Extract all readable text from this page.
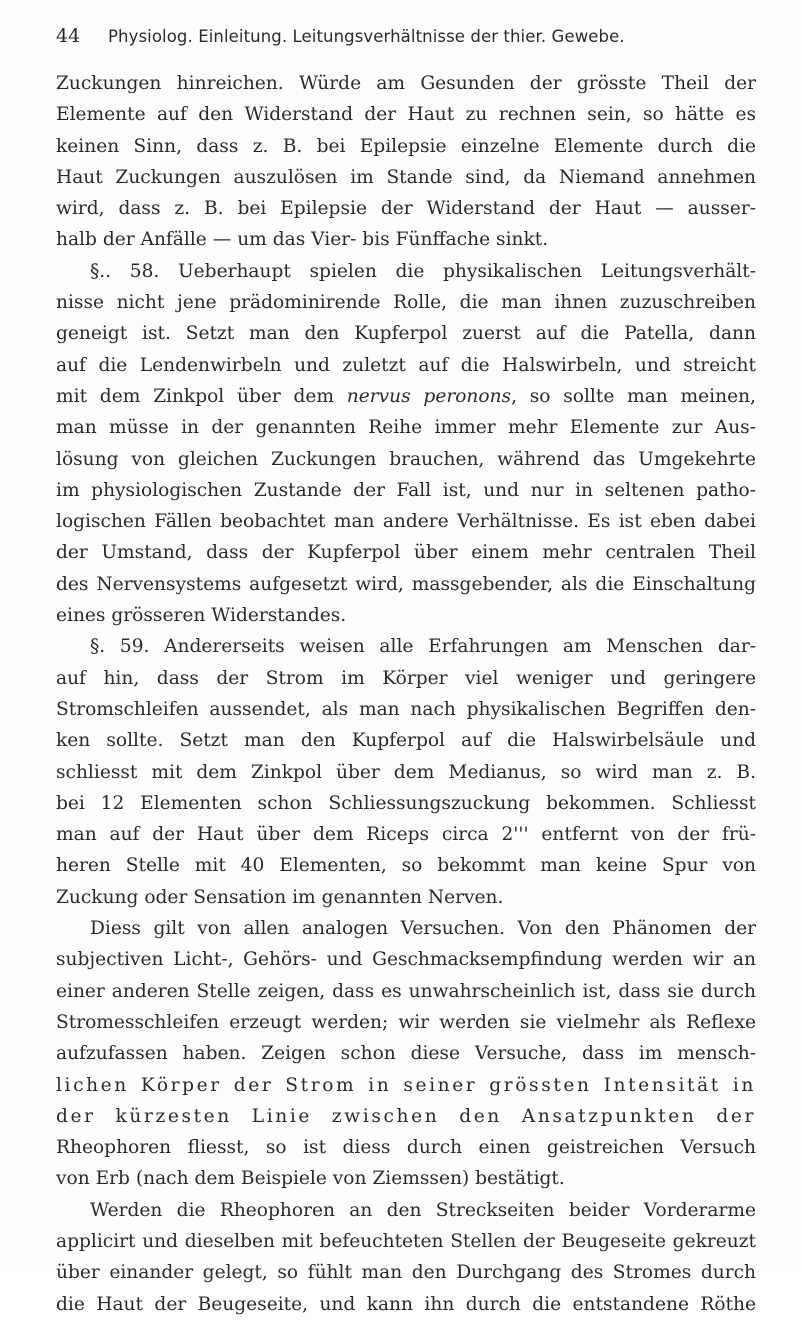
44 Physiolog. Einleitung. Leitungsverhältnisse der thier. Gewebe.
Zuckungen hinreichen. Würde am Gesunden der grösste Theil der
Elemente auf den Widerstand der Haut zu rechnen sein, so hätte es
keinen Sinn, dass z. B. bei Epilepsie einzelne Elemente durch die
Haut Zuckungen auszulösen im Stande sind, da Niemand annehmen
wird, dass z. B. bei Epilepsie der Widerstand der Haut — ausser-
halb der Anfälle — um das Vier- bis Fünffache sinkt.
§.. 58. Ueberhaupt spielen die physikalischen Leitungsverhält-
nisse nicht jene prädominirende Rolle, die man ihnen zuzuschreiben
geneigt ist. Setzt man den Kupferpol zuerst auf die Patella, dann
auf die Lendenwirbeln und zuletzt auf die Halswirbeln, und streicht
mit dem Zinkpol über dem nervus peronons, so sollte man meinen,
man müsse in der genannten Reihe immer mehr Elemente zur Aus-
lösung von gleichen Zuckungen brauchen, während das Umgekehrte
im physiologischen Zustande der Fall ist, und nur in seltenen patho-
logischen Fällen beobachtet man andere Verhältnisse. Es ist eben dabei
der Umstand, dass der Kupferpol über einem mehr centralen Theil
des Nervensystems aufgesetzt wird, massgebender, als die Einschaltung
eines grösseren Widerstandes.
§. 59. Andererseits weisen alle Erfahrungen am Menschen dar-
auf hin, dass der Strom im Körper viel weniger und geringere
Stromschleifen aussendet, als man nach physikalischen Begriffen den-
ken sollte. Setzt man den Kupferpol auf die Halswirbelsäule und
schliesst mit dem Zinkpol über dem Medianus, so wird man z. B.
bei 12 Elementen schon Schliessungszuckung bekommen. Schliesst
man auf der Haut über dem Riceps circa 2''' entfernt von der frü-
heren Stelle mit 40 Elementen, so bekommt man keine Spur von
Zuckung oder Sensation im genannten Nerven.
Diess gilt von allen analogen Versuchen. Von den Phänomen der
subjectiven Licht-, Gehörs- und Geschmacksempfindung werden wir an
einer anderen Stelle zeigen, dass es unwahrscheinlich ist, dass sie durch
Stromesschleifen erzeugt werden; wir werden sie vielmehr als Reflexe
aufzufassen haben. Zeigen schon diese Versuche, dass im mensch-
lichen Körper der Strom in seiner grössten Intensität in
der kürzesten Linie zwischen den Ansatzpunkten der
Rheophoren fliesst, so ist diess durch einen geistreichen Versuch
von Erb (nach dem Beispiele von Ziemssen) bestätigt.
Werden die Rheophoren an den Streckseiten beider Vorderarme
applicirt und dieselben mit befeuchteten Stellen der Beugeseite gekreuzt
über einander gelegt, so fühlt man den Durchgang des Stromes durch
die Haut der Beugeseite, und kann ihn durch die entstandene Röthe
